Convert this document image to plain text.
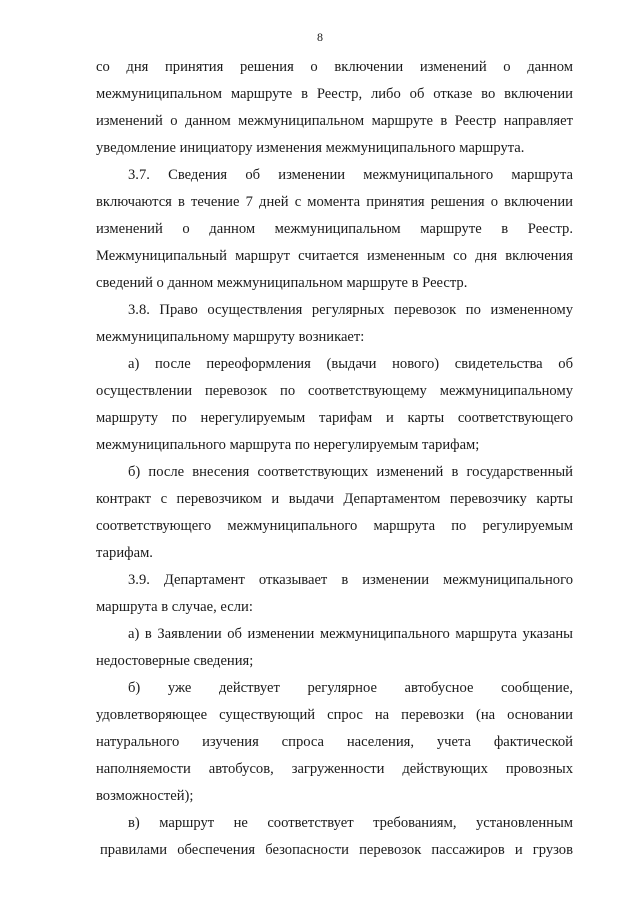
8
со дня принятия решения о включении изменений о данном
межмуниципальном маршруте в Реестр, либо об отказе во включении
изменений о данном межмуниципальном маршруте в Реестр направляет
уведомление инициатору изменения межмуниципального маршрута.
3.7. Сведения об изменении межмуниципального маршрута
включаются в течение 7 дней с момента принятия решения о включении
изменений о данном межмуниципальном маршруте в Реестр.
Межмуниципальный маршрут считается измененным со дня включения
сведений о данном межмуниципальном маршруте в Реестр.
3.8. Право осуществления регулярных перевозок по измененному
межмуниципальному маршруту возникает:
а) после переоформления (выдачи нового) свидетельства об
осуществлении перевозок по соответствующему межмуниципальному
маршруту по нерегулируемым тарифам и карты соответствующего
межмуниципального маршрута по нерегулируемым тарифам;
б) после внесения соответствующих изменений в государственный
контракт с перевозчиком и выдачи Департаментом перевозчику карты
соответствующего межмуниципального маршрута по регулируемым
тарифам.
3.9. Департамент отказывает в изменении межмуниципального
маршрута в случае, если:
а) в Заявлении об изменении межмуниципального маршрута указаны
недостоверные сведения;
б) уже действует регулярное автобусное сообщение,
удовлетворяющее существующий спрос на перевозки (на основании
натурального изучения спроса населения, учета фактической
наполняемости автобусов, загруженности действующих провозных
возможностей);
в) маршрут не соответствует требованиям, установленным
правилами обеспечения безопасности перевозок пассажиров и грузов
